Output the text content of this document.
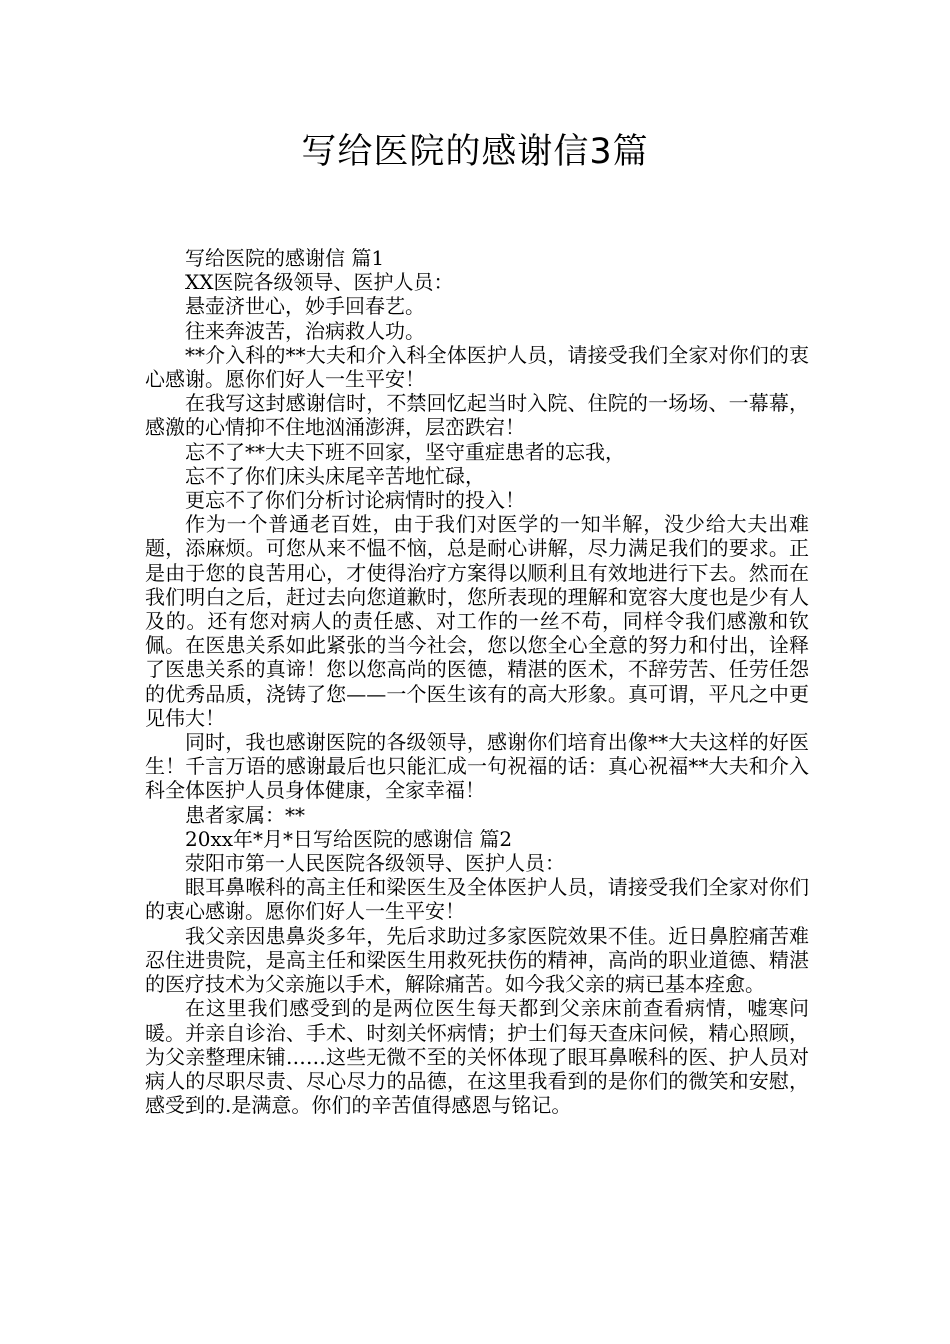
写给医院的感谢信3篇

写给医院的感谢信 篇1

XX医院各级领导、医护人员：

悬壶济世心，妙手回春艺。

往来奔波苦，治病救人功。

**介入科的**大夫和介入科全体医护人员，请接受我们全家对你们的衷心感谢。愿你们好人一生平安！

在我写这封感谢信时，不禁回忆起当时入院、住院的一场场、一幕幕，感激的心情抑不住地汹涌澎湃，层峦跌宕！

忘不了**大夫下班不回家，坚守重症患者的忘我，

忘不了你们床头床尾辛苦地忙碌，

更忘不了你们分析讨论病情时的投入！

作为一个普通老百姓，由于我们对医学的一知半解，没少给大夫出难题，添麻烦。可您从来不愠不恼，总是耐心讲解，尽力满足我们的要求。正是由于您的良苦用心，才使得治疗方案得以顺利且有效地进行下去。然而在我们明白之后，赶过去向您道歉时，您所表现的理解和宽容大度也是少有人及的。还有您对病人的责任感、对工作的一丝不苟，同样令我们感激和钦佩。在医患关系如此紧张的当今社会，您以您全心全意的努力和付出，诠释了医患关系的真谛！您以您高尚的医德，精湛的医术，不辞劳苦、任劳任怨的优秀品质，浇铸了您——一个医生该有的高大形象。真可谓，平凡之中更见伟大！

同时，我也感谢医院的各级领导，感谢你们培育出像**大夫这样的好医生！千言万语的感谢最后也只能汇成一句祝福的话：真心祝福**大夫和介入科全体医护人员身体健康，全家幸福！

患者家属：**

20xx年*月*日写给医院的感谢信 篇2

荥阳市第一人民医院各级领导、医护人员：

眼耳鼻喉科的高主任和梁医生及全体医护人员，请接受我们全家对你们的衷心感谢。愿你们好人一生平安！

我父亲因患鼻炎多年，先后求助过多家医院效果不佳。近日鼻腔痛苦难忍住进贵院，是高主任和梁医生用救死扶伤的精神，高尚的职业道德、精湛的医疗技术为父亲施以手术，解除痛苦。如今我父亲的病已基本痊愈。

在这里我们感受到的是两位医生每天都到父亲床前查看病情，嘘寒问暖。并亲自诊治、手术、时刻关怀病情；护士们每天查床问候，精心照顾，为父亲整理床铺……这些无微不至的关怀体现了眼耳鼻喉科的医、护人员对病人的尽职尽责、尽心尽力的品德，在这里我看到的是你们的微笑和安慰，感受到的.是满意。你们的辛苦值得感恩与铭记。
